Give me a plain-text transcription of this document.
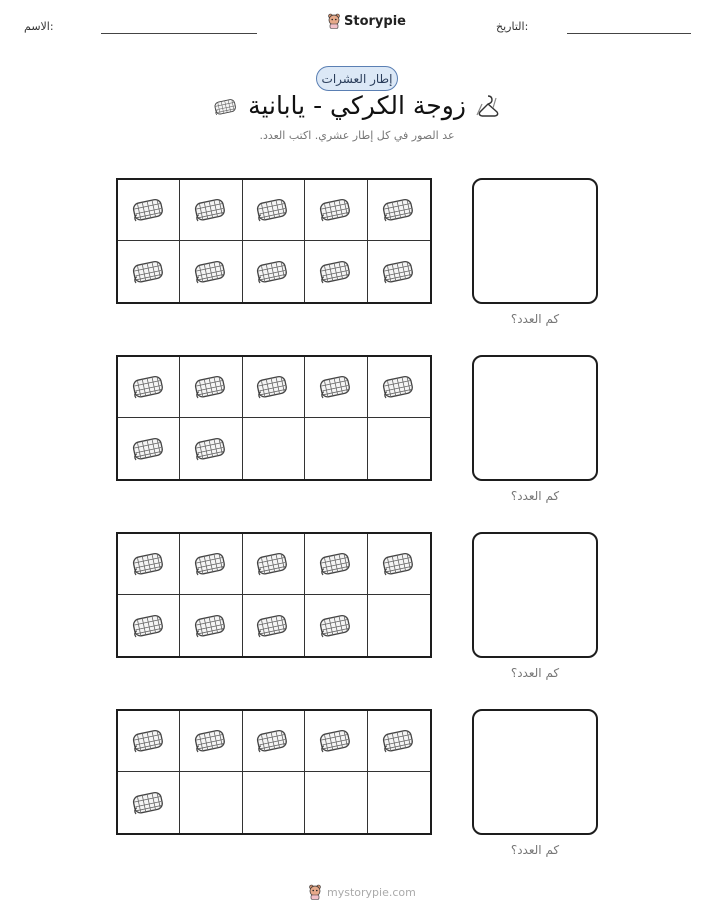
الاسم:	Storypie	التاريخ:
إطار العشرات
زوجة الكركي - يابانية
عد الصور في كل إطار عشري. اكتب العدد.
كم العدد؟
كم العدد؟
كم العدد؟
كم العدد؟
mystorypie.com
